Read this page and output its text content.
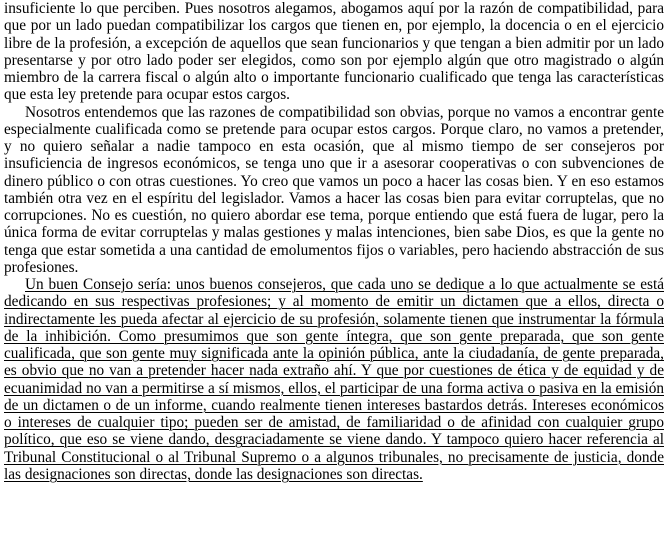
insuficiente lo que perciben. Pues nosotros alegamos, abogamos aquí por la razón de compatibilidad, para que por un lado puedan compatibilizar los cargos que tienen en, por ejemplo, la docencia o en el ejercicio libre de la profesión, a excepción de aquellos que sean funcionarios y que tengan a bien admitir por un lado presentarse y por otro lado poder ser elegidos, como son por ejemplo algún que otro magistrado o algún miembro de la carrera fiscal o algún alto o importante funcionario cualificado que tenga las características que esta ley pretende para ocupar estos cargos.

Nosotros entendemos que las razones de compatibilidad son obvias, porque no vamos a encontrar gente especialmente cualificada como se pretende para ocupar estos cargos. Porque claro, no vamos a pretender, y no quiero señalar a nadie tampoco en esta ocasión, que al mismo tiempo de ser consejeros por insuficiencia de ingresos económicos, se tenga uno que ir a asesorar cooperativas o con subvenciones de dinero público o con otras cuestiones. Yo creo que vamos un poco a hacer las cosas bien. Y en eso estamos también otra vez en el espíritu del legislador. Vamos a hacer las cosas bien para evitar corruptelas, que no corrupciones. No es cuestión, no quiero abordar ese tema, porque entiendo que está fuera de lugar, pero la única forma de evitar corruptelas y malas gestiones y malas intenciones, bien sabe Dios, es que la gente no tenga que estar sometida a una cantidad de emolumentos fijos o variables, pero haciendo abstracción de sus profesiones.

Un buen Consejo sería: unos buenos consejeros, que cada uno se dedique a lo que actualmente se está dedicando en sus respectivas profesiones; y al momento de emitir un dictamen que a ellos, directa o indirectamente les pueda afectar al ejercicio de su profesión, solamente tienen que instrumentar la fórmula de la inhibición. Como presumimos que son gente íntegra, que son gente preparada, que son gente cualificada, que son gente muy significada ante la opinión pública, ante la ciudadanía, de gente preparada, es obvio que no van a pretender hacer nada extraño ahí. Y que por cuestiones de ética y de equidad y de ecuanimidad no van a permitirse a sí mismos, ellos, el participar de una forma activa o pasiva en la emisión de un dictamen o de un informe, cuando realmente tienen intereses bastardos detrás. Intereses económicos o intereses de cualquier tipo; pueden ser de amistad, de familiaridad o de afinidad con cualquier grupo político, que eso se viene dando, desgraciadamente se viene dando. Y tampoco quiero hacer referencia al Tribunal Constitucional o al Tribunal Supremo o a algunos tribunales, no precisamente de justicia, donde las designaciones son directas, donde las designaciones son directas.
